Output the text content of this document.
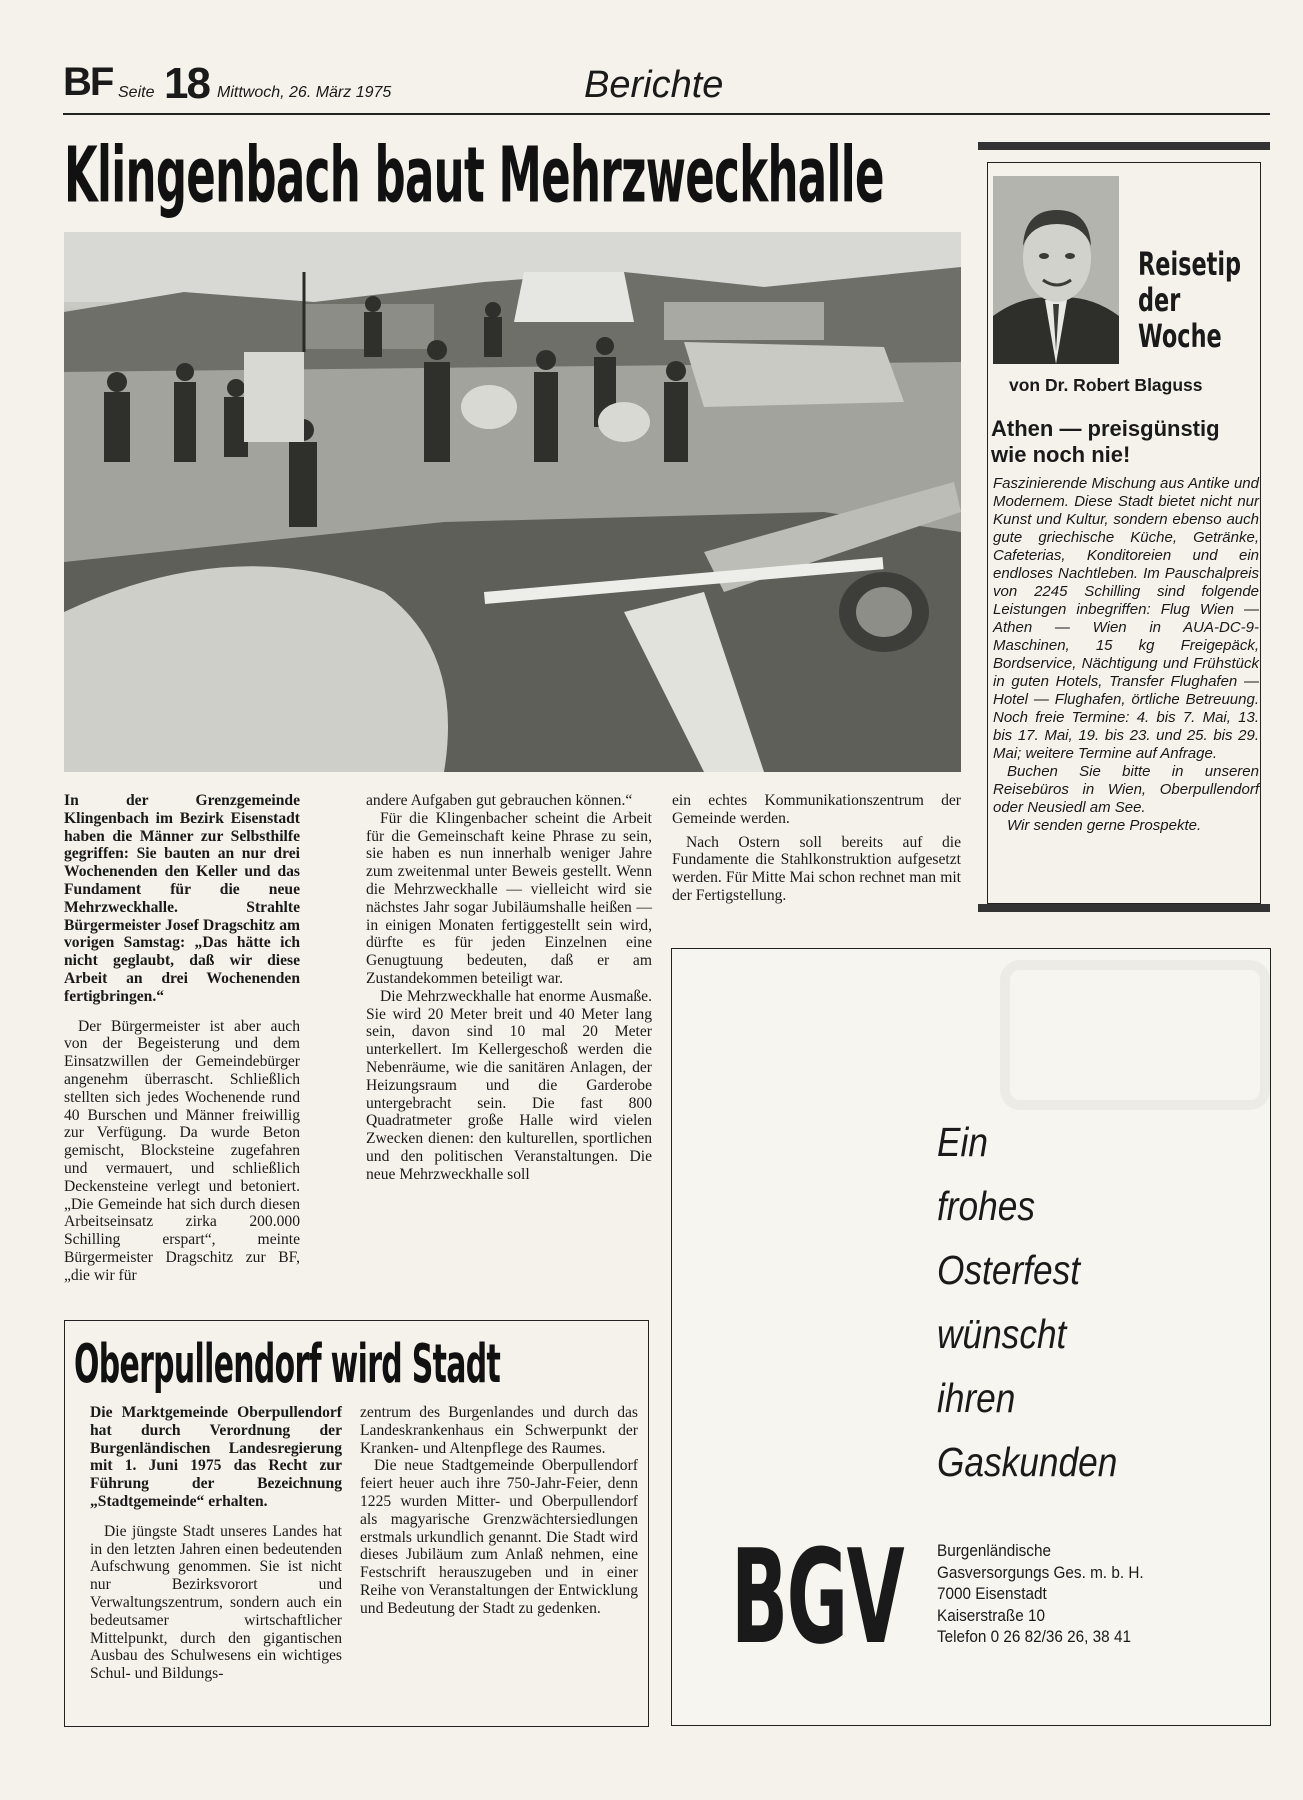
BF Seite 18 Mittwoch, 26. März 1975	Berichte
Klingenbach baut Mehrzweckhalle

In der Grenzgemeinde Klingenbach im Bezirk Eisenstadt haben die Männer zur Selbsthilfe gegriffen: Sie bauten an nur drei Wochenenden den Keller und das Fundament für die neue Mehrzweckhalle. Strahlte Bürgermeister Josef Dragschitz am vorigen Samstag: „Das hätte ich nicht geglaubt, daß wir diese Arbeit an drei Wochenenden fertigbringen.“

Der Bürgermeister ist aber auch von der Begeisterung und dem Einsatzwillen der Gemeindebürger angenehm überrascht. Schließlich stellten sich jedes Wochenende rund 40 Burschen und Männer freiwillig zur Verfügung. Da wurde Beton gemischt, Blocksteine zugefahren und vermauert, und schließlich Deckensteine verlegt und betoniert. „Die Gemeinde hat sich durch diesen Arbeitseinsatz zirka 200.000 Schilling erspart“, meinte Bürgermeister Dragschitz zur BF, „die wir für

andere Aufgaben gut gebrauchen können.“

Für die Klingenbacher scheint die Arbeit für die Gemeinschaft keine Phrase zu sein, sie haben es nun innerhalb weniger Jahre zum zweitenmal unter Beweis gestellt. Wenn die Mehrzweckhalle — vielleicht wird sie nächstes Jahr sogar Jubiläumshalle heißen — in einigen Monaten fertiggestellt sein wird, dürfte es für jeden Einzelnen eine Genugtuung bedeuten, daß er am Zustandekommen beteiligt war.

Die Mehrzweckhalle hat enorme Ausmaße. Sie wird 20 Meter breit und 40 Meter lang sein, davon sind 10 mal 20 Meter unterkellert. Im Kellergeschoß werden die Nebenräume, wie die sanitären Anlagen, der Heizungsraum und die Garderobe untergebracht sein. Die fast 800 Quadratmeter große Halle wird vielen Zwecken dienen: den kulturellen, sportlichen und den politischen Veranstaltungen. Die neue Mehrzweckhalle soll

ein echtes Kommunikationszentrum der Gemeinde werden.

Nach Ostern soll bereits auf die Fundamente die Stahlkonstruktion aufgesetzt werden. Für Mitte Mai schon rechnet man mit der Fertigstellung.

Reisetip
der
Woche
von Dr. Robert Blaguss
Athen — preisgünstig wie noch nie!

Faszinierende Mischung aus Antike und Modernem. Diese Stadt bietet nicht nur Kunst und Kultur, sondern ebenso auch gute griechische Küche, Getränke, Cafeterias, Konditoreien und ein endloses Nachtleben. Im Pauschalpreis von 2245 Schilling sind folgende Leistungen inbegriffen: Flug Wien — Athen — Wien in AUA-DC-9-Maschinen, 15 kg Freigepäck, Bordservice, Nächtigung und Frühstück in guten Hotels, Transfer Flughafen — Hotel — Flughafen, örtliche Betreuung. Noch freie Termine: 4. bis 7. Mai, 13. bis 17. Mai, 19. bis 23. und 25. bis 29. Mai; weitere Termine auf Anfrage.

Buchen Sie bitte in unseren Reisebüros in Wien, Oberpullendorf oder Neusiedl am See.

Wir senden gerne Prospekte.

Oberpullendorf wird Stadt

Die Marktgemeinde Oberpullendorf hat durch Verordnung der Burgenländischen Landesregierung mit 1. Juni 1975 das Recht zur Führung der Bezeichnung „Stadtgemeinde“ erhalten.

Die jüngste Stadt unseres Landes hat in den letzten Jahren einen bedeutenden Aufschwung genommen. Sie ist nicht nur Bezirksvorort und Verwaltungszentrum, sondern auch ein bedeutsamer wirtschaftlicher Mittelpunkt, durch den gigantischen Ausbau des Schulwesens ein wichtiges Schul- und Bildungs-

zentrum des Burgenlandes und durch das Landeskrankenhaus ein Schwerpunkt der Kranken- und Altenpflege des Raumes.

Die neue Stadtgemeinde Oberpullendorf feiert heuer auch ihre 750-Jahr-Feier, denn 1225 wurden Mitter- und Oberpullendorf als magyarische Grenzwächtersiedlungen erstmals urkundlich genannt. Die Stadt wird dieses Jubiläum zum Anlaß nehmen, eine Festschrift herauszugeben und in einer Reihe von Veranstaltungen der Entwicklung und Bedeutung der Stadt zu gedenken.

Ein
frohes
Osterfest
wünscht
ihren
Gaskunden
BGV Burgenländische
Gasversorgungs Ges. m. b. H.
7000 Eisenstadt
Kaiserstraße 10
Telefon 0 26 82/36 26, 38 41
